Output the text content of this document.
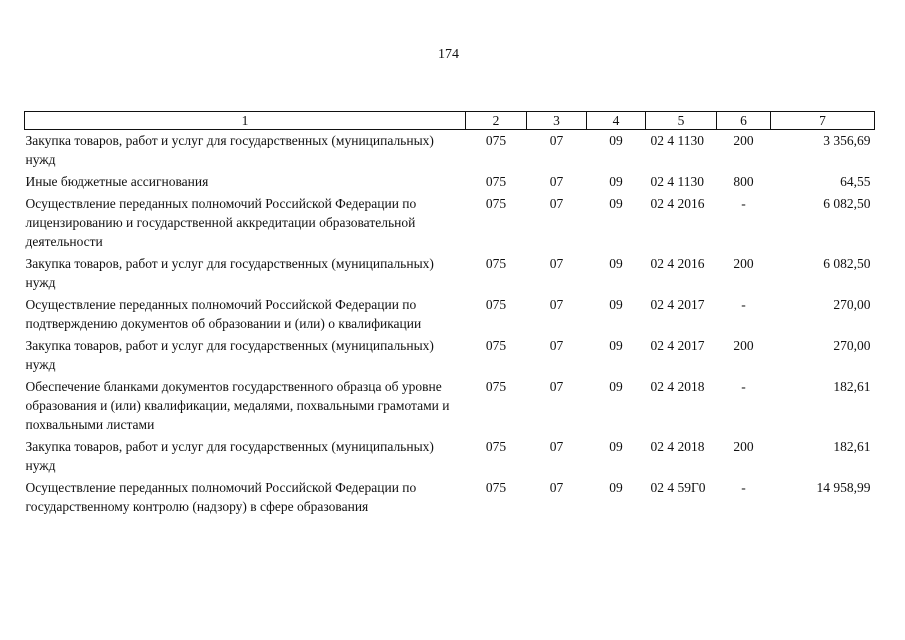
174
1	2	3	4	5	6	7
Закупка товаров, работ и услуг для государственных (муниципальных) нужд	075	07	09	02 4 1130	200	3 356,69
Иные бюджетные ассигнования	075	07	09	02 4 1130	800	64,55
Осуществление переданных полномочий Российской Федерации по лицензированию и государственной аккредитации образовательной деятельности	075	07	09	02 4 2016	-	6 082,50
Закупка товаров, работ и услуг для государственных (муниципальных) нужд	075	07	09	02 4 2016	200	6 082,50
Осуществление переданных полномочий Российской Федерации по подтверждению документов об образовании и (или) о квалификации	075	07	09	02 4 2017	-	270,00
Закупка товаров, работ и услуг для государственных (муниципальных) нужд	075	07	09	02 4 2017	200	270,00
Обеспечение бланками документов государственного образца об уровне образования и (или) квалификации, медалями, похвальными грамотами и похвальными листами	075	07	09	02 4 2018	-	182,61
Закупка товаров, работ и услуг для государственных (муниципальных) нужд	075	07	09	02 4 2018	200	182,61
Осуществление переданных полномочий Российской Федерации по государственному контролю (надзору) в сфере образования	075	07	09	02 4 59Г0	-	14 958,99
